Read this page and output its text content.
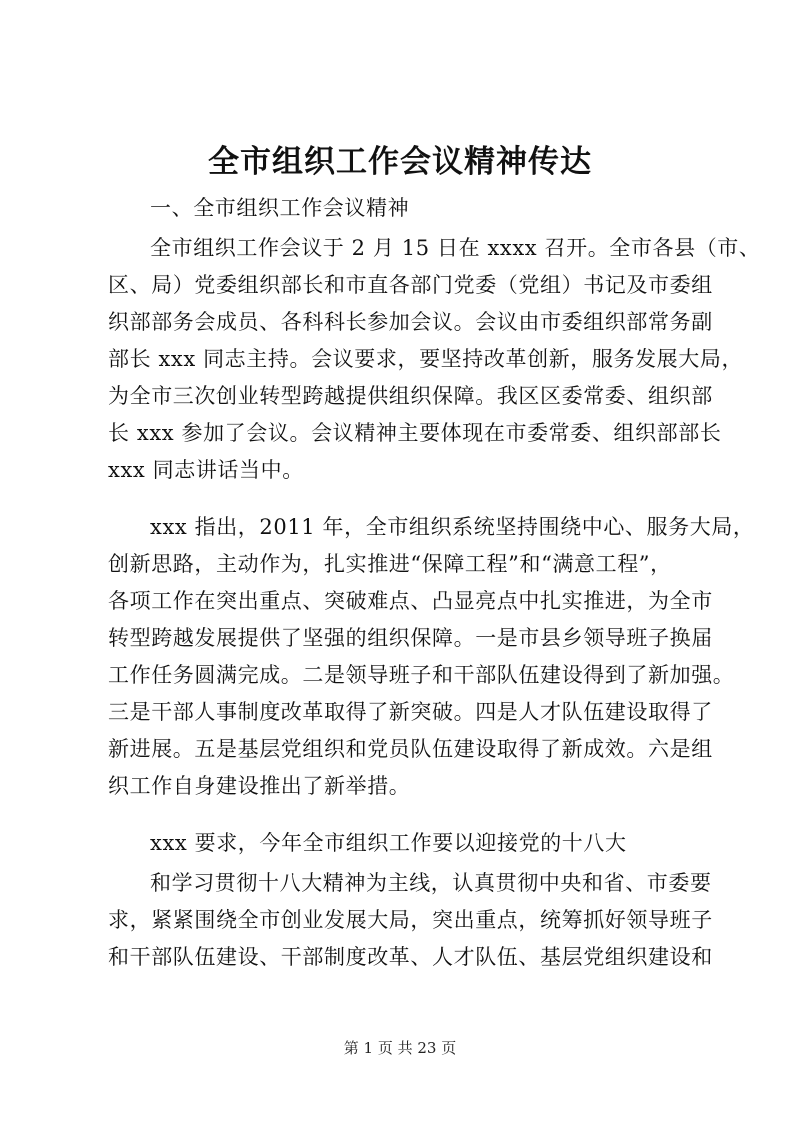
全市组织工作会议精神传达
一、全市组织工作会议精神
全市组织工作会议于 2 月 15 日在 xxxx 召开。全市各县（市、
区、局）党委组织部长和市直各部门党委（党组）书记及市委组
织部部务会成员、各科科长参加会议。会议由市委组织部常务副
部长 xxx 同志主持。会议要求，要坚持改革创新，服务发展大局，
为全市三次创业转型跨越提供组织保障。我区区委常委、组织部
长 xxx 参加了会议。会议精神主要体现在市委常委、组织部部长
xxx 同志讲话当中。
xxx 指出，2011 年，全市组织系统坚持围绕中心、服务大局，
创新思路，主动作为，扎实推进“保障工程”和“满意工程”，
各项工作在突出重点、突破难点、凸显亮点中扎实推进，为全市
转型跨越发展提供了坚强的组织保障。一是市县乡领导班子换届
工作任务圆满完成。二是领导班子和干部队伍建设得到了新加强。
三是干部人事制度改革取得了新突破。四是人才队伍建设取得了
新进展。五是基层党组织和党员队伍建设取得了新成效。六是组
织工作自身建设推出了新举措。
xxx 要求，今年全市组织工作要以迎接党的十八大
和学习贯彻十八大精神为主线，认真贯彻中央和省、市委要
求，紧紧围绕全市创业发展大局，突出重点，统筹抓好领导班子
和干部队伍建设、干部制度改革、人才队伍、基层党组织建设和
第 1 页 共 23 页
